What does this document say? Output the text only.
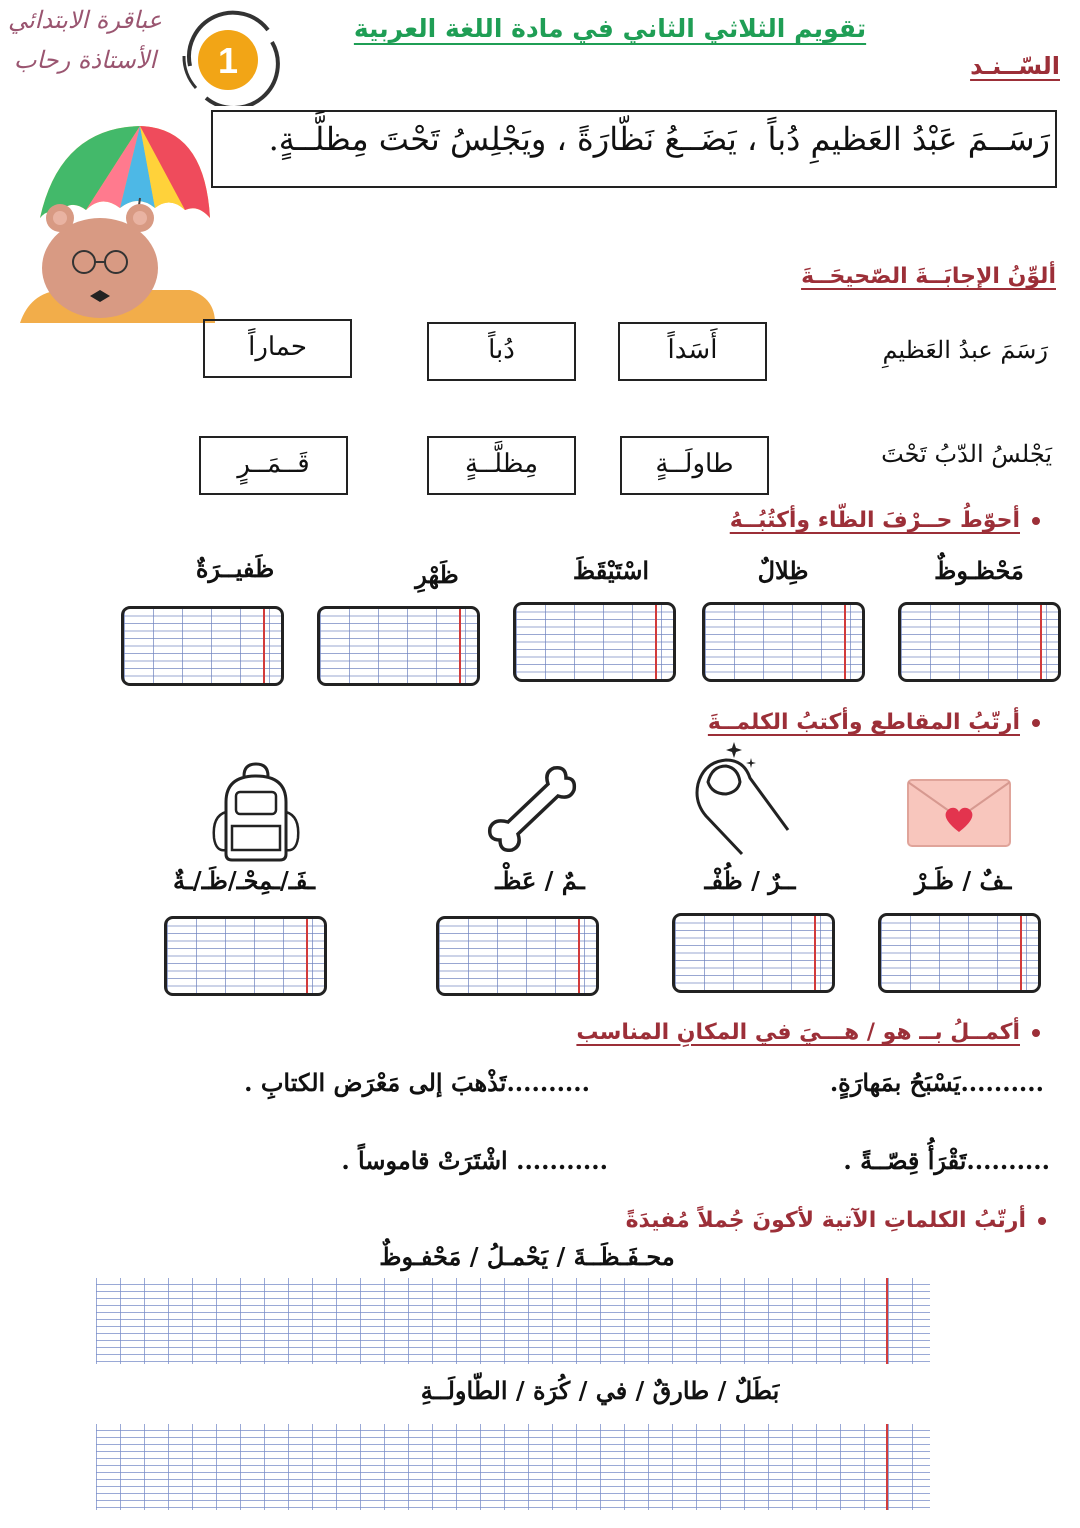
تقويم الثلاثي الثاني في مادة اللغة العربية
عباقرة الابتدائي
الأستاذة رحاب	1	السّــنـد
رَسَــمَ عَبْدُ العَظيمِ دُباً ، يَضَــعُ نَظّارَةً ، ويَجْلِسُ تَحْتَ مِظلَّــةٍ.
ألوِّنُ الإجابَــةَ الصّحيحَــةَ
رَسَمَ عبدُ العَظيمِ
أَسَداً
دُباً
حماراً
يَجْلسُ الدّبُ تَحْتَ
طاولَــةٍ
مِظلَّــةٍ
قَــمَــرٍ
أحوّطُ حــرْفَ الظّاء وأكتُبُــهُ
مَحْظـوظٌ
ظِلالٌ
اسْتَيْقَظَ
ظَهْرِ
ظَفيــرَةٌ
أرتّبُ المقاطع وأكتبُ الكلمــةَ
ـفٌ / ظَـرْ
ــرٌ / ظُفْـ
ـمٌ / عَظْـ
ـفَـ/ـمِحْـ/ظَـ/ـةٌ
أكمــلُ بــ هو / هـــيَ في المكانِ المناسب
..........يَسْبَحُ بمَهارَةٍ.
..........تَذْهبَ إلى مَعْرَض الكتابِ .
..........تَقْرَأُ قِصّــةً .
........... اشْتَرَتْ قاموساً .
أرتّبُ الكلماتِ الآتية لأكونَ جُملاً مُفيدَةً
محـفَـظَــةَ / يَحْمـلُ / مَحْفـوظٌ
بَطَلٌ / طارقٌ / في / كُرَة / الطّاولَــةِ
